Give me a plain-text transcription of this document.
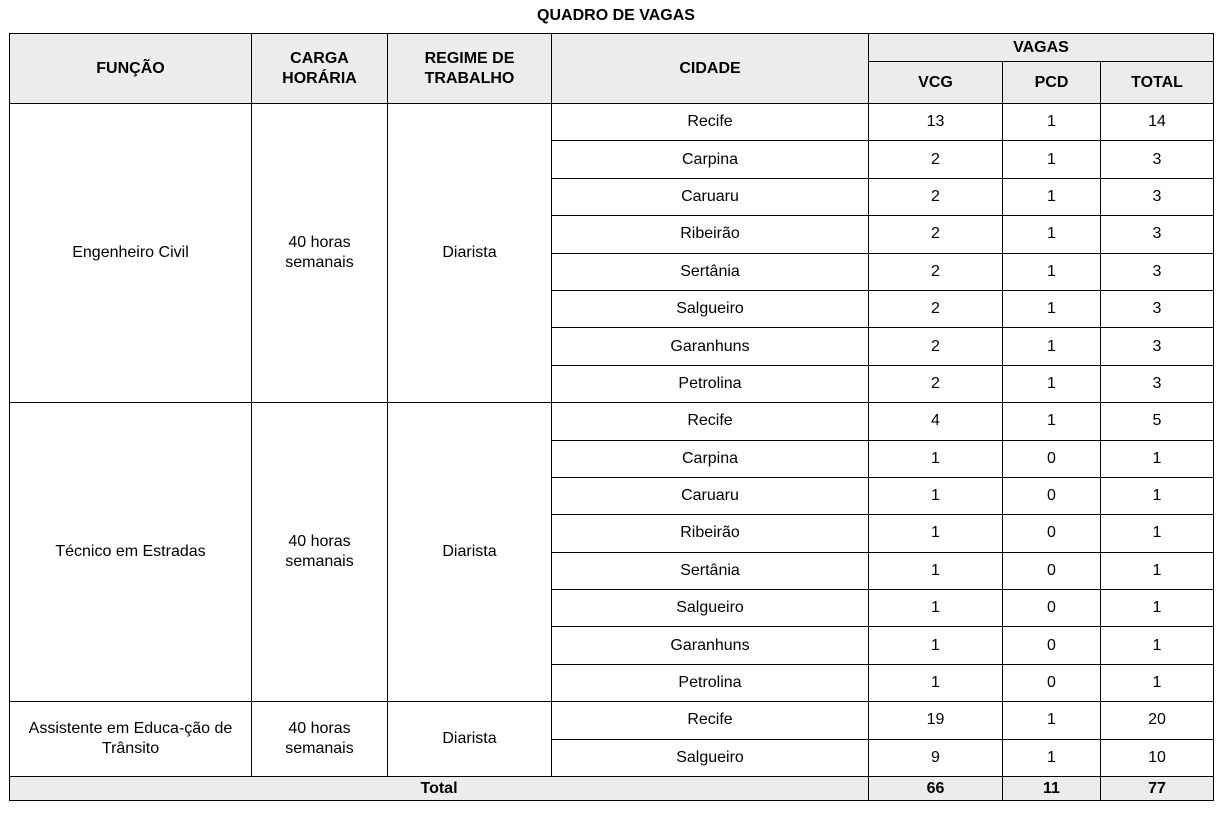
QUADRO DE VAGAS
FUNÇÃO	CARGA HORÁRIA	REGIME DE TRABALHO	CIDADE	VAGAS		
				VCG	PCD	TOTAL
Engenheiro Civil	40 horas semanais	Diarista	Recife	13	1	14
			Carpina	2	1	3
			Caruaru	2	1	3
			Ribeirão	2	1	3
			Sertânia	2	1	3
			Salgueiro	2	1	3
			Garanhuns	2	1	3
			Petrolina	2	1	3
Técnico em Estradas	40 horas semanais	Diarista	Recife	4	1	5
			Carpina	1	0	1
			Caruaru	1	0	1
			Ribeirão	1	0	1
			Sertânia	1	0	1
			Salgueiro	1	0	1
			Garanhuns	1	0	1
			Petrolina	1	0	1
Assistente em Educa-ção de Trânsito	40 horas semanais	Diarista	Recife	19	1	20
			Salgueiro	9	1	10
Total				66	11	77
